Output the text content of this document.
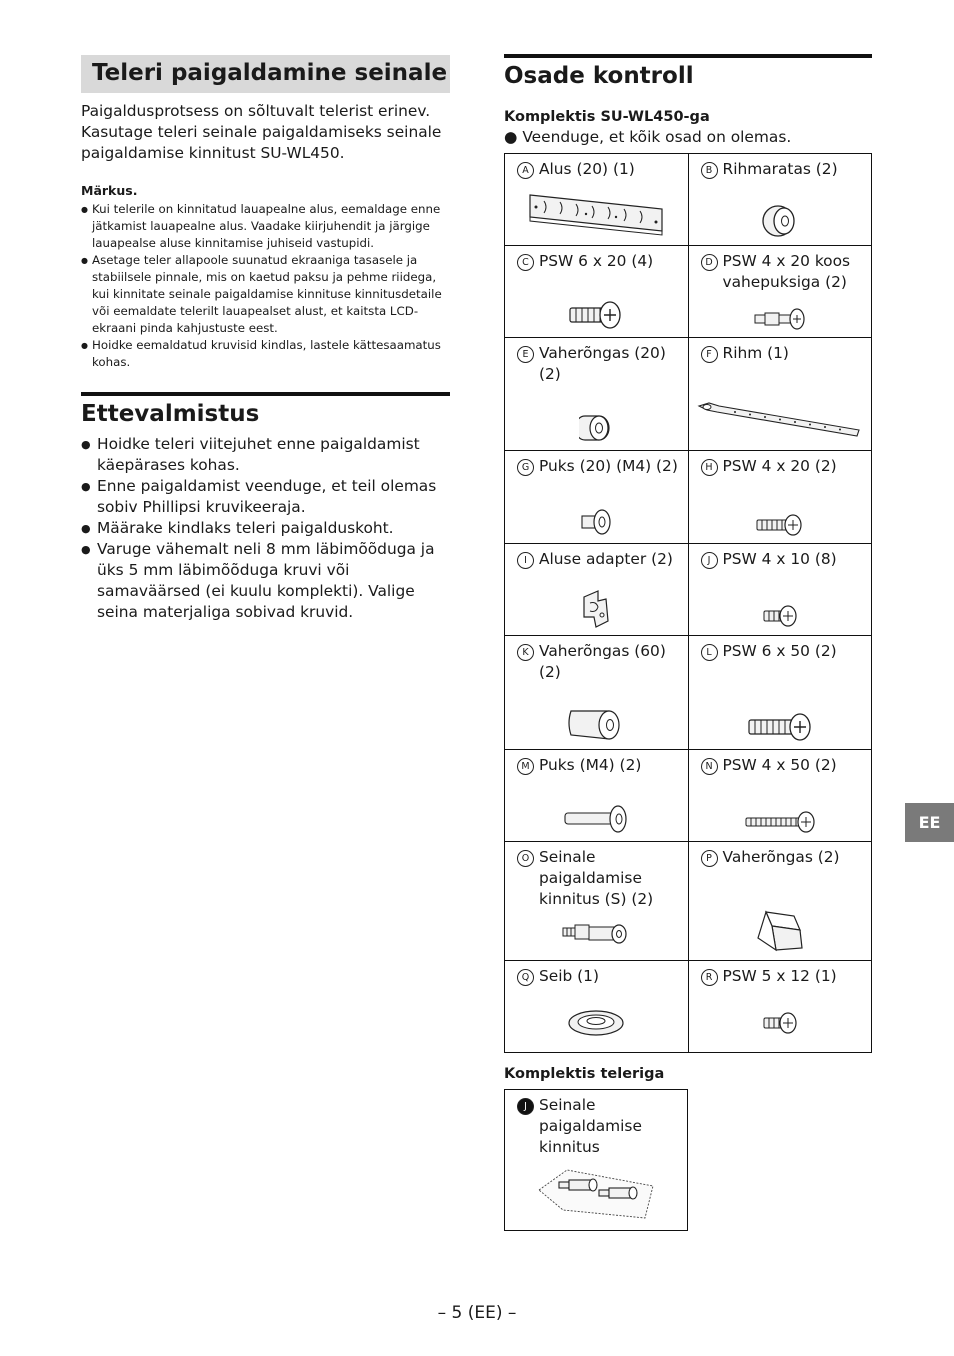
Teleri paigaldamine seinale

Paigaldusprotsess on sõltuvalt telerist erinev. Kasutage teleri seinale paigaldamiseks seinale paigaldamise kinnitust SU-WL450.

Märkus.

● Kui telerile on kinnitatud lauapealne alus, eemaldage enne jätkamist lauapealne alus. Vaadake kiirjuhendit ja järgige lauapealse aluse kinnitamise juhiseid vastupidi.
● Asetage teler allapoole suunatud ekraaniga tasasele ja stabiilsele pinnale, mis on kaetud paksu ja pehme riidega, kui kinnitate seinale paigaldamise kinnituse kinnitusdetaile või eemaldate telerilt lauapealset alust, et kaitsta LCD-ekraani pinda kahjustuste eest.
● Hoidke eemaldatud kruvisid kindlas, lastele kättesaamatus kohas.
Ettevalmistus
● Hoidke teleri viitejuhet enne paigaldamist käepärases kohas.
● Enne paigaldamist veenduge, et teil olemas sobiv Phillipsi kruvikeeraja.
● Määrake kindlaks teleri paigalduskoht.
● Varuge vähemalt neli 8 mm läbimõõduga ja üks 5 mm läbimõõduga kruvi või samaväärsed (ei kuulu komplekti). Valige seina materjaliga sobivad kruvid.
Osade kontroll

Komplektis SU-WL450-ga

● Veenduge, et kõik osad on olemas.

A Alus (20) (1)	B Rihmaratas (2)

C PSW 6 x 20 (4)	D PSW 4 x 20 koos vahepuksiga (2)

E Vaherõngas (20) (2)	F Rihm (1)

G Puks (20) (M4) (2)	H PSW 4 x 20 (2)

I Aluse adapter (2)	J PSW 4 x 10 (8)

K Vaherõngas (60) (2)	L PSW 6 x 50 (2)

M Puks (M4) (2)	N PSW 4 x 50 (2)

O Seinale paigaldamise kinnitus (S) (2)	P Vaherõngas (2)

Q Seib (1)	R PSW 5 x 12 (1)

Komplektis teleriga

J Seinale paigaldamise kinnitus
EE
– 5 (EE) –
